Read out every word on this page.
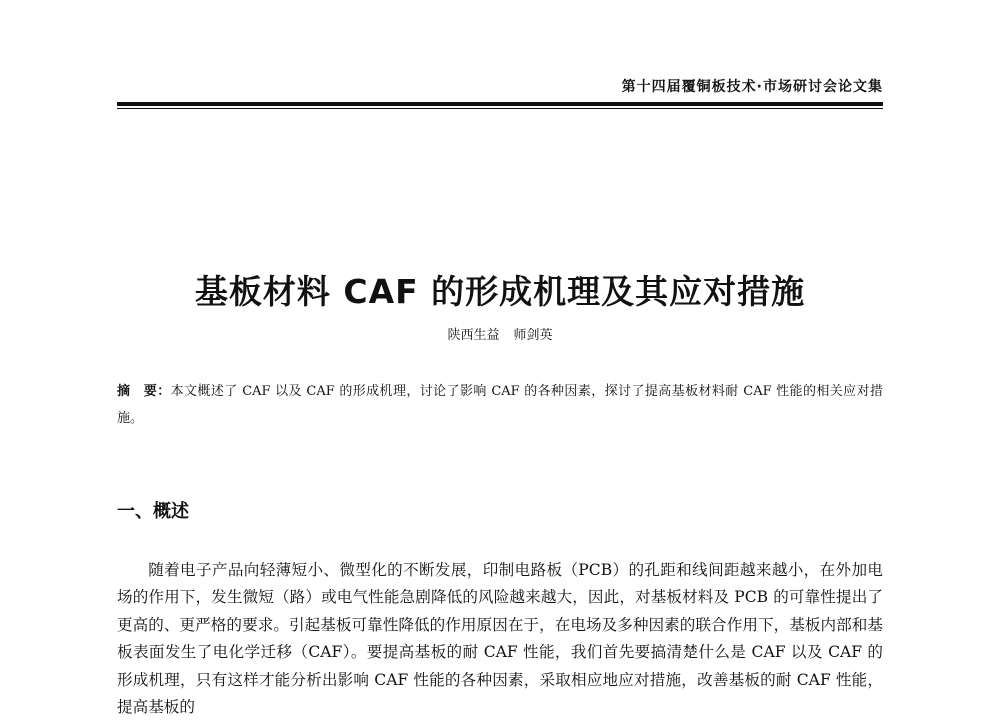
第十四届覆铜板技术·市场研讨会论文集
基板材料 CAF 的形成机理及其应对措施
陕西生益 师剑英
摘　要：本文概述了 CAF 以及 CAF 的形成机理，讨论了影响 CAF 的各种因素，探讨了提高基板材料耐 CAF 性能的相关应对措施。
一、概述

随着电子产品向轻薄短小、微型化的不断发展，印制电路板（PCB）的孔距和线间距越来越小，在外加电场的作用下，发生微短（路）或电气性能急剧降低的风险越来越大，因此，对基板材料及 PCB 的可靠性提出了更高的、更严格的要求。引起基板可靠性降低的作用原因在于，在电场及多种因素的联合作用下，基板内部和基板表面发生了电化学迁移（CAF）。要提高基板的耐 CAF 性能，我们首先要搞清楚什么是 CAF 以及 CAF 的形成机理，只有这样才能分析出影响 CAF 性能的各种因素，采取相应地应对措施，改善基板的耐 CAF 性能，提高基板的
